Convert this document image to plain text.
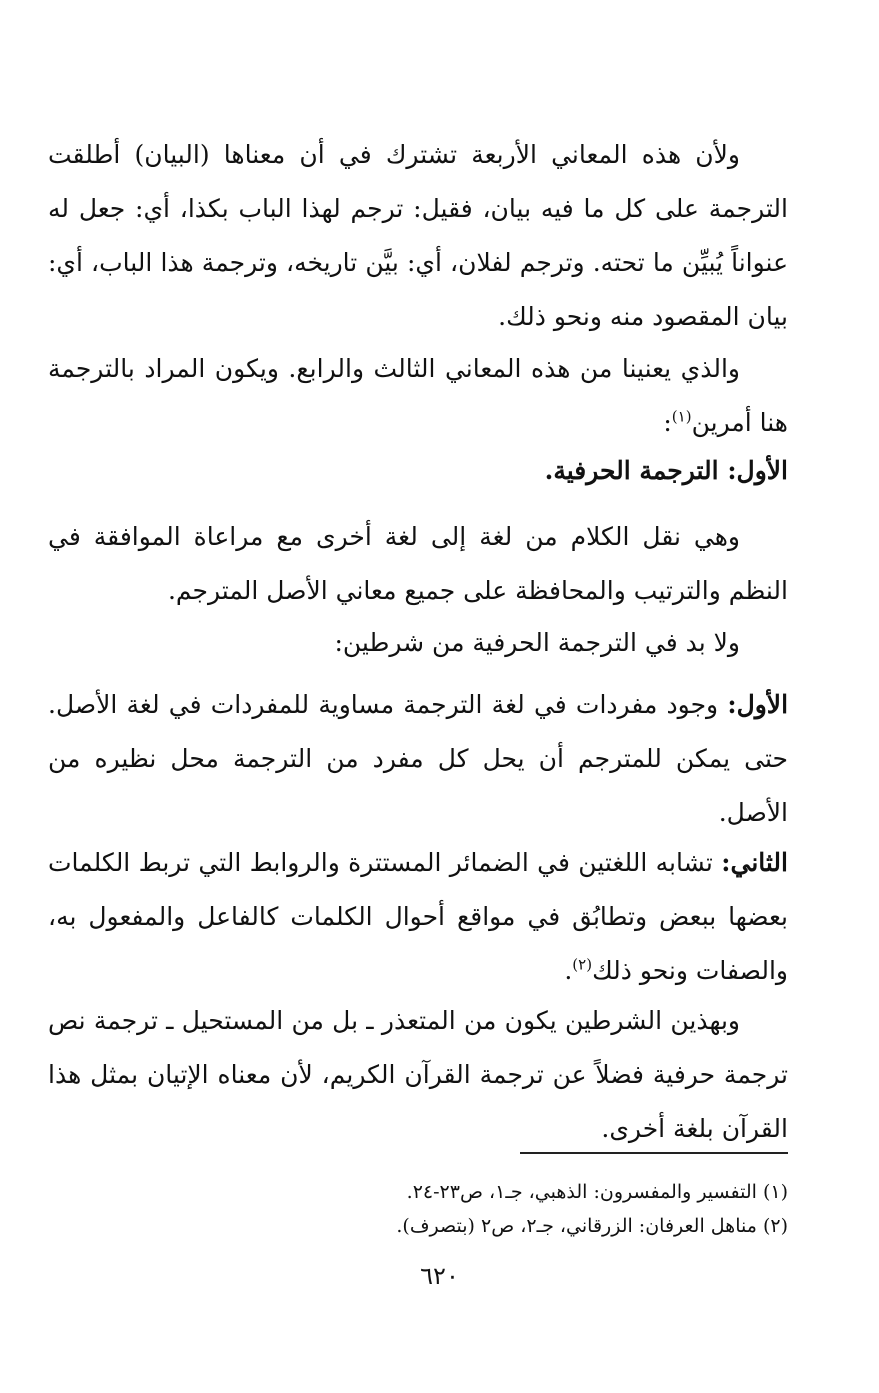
ولأن هذه المعاني الأربعة تشترك في أن معناها (البيان) أطلقت الترجمة على كل ما فيه بيان، فقيل: ترجم لهذا الباب بكذا، أي: جعل له عنواناً يُبيِّن ما تحته. وترجم لفلان، أي: بيَّن تاريخه، وترجمة هذا الباب، أي: بيان المقصود منه ونحو ذلك.

والذي يعنينا من هذه المعاني الثالث والرابع. ويكون المراد بالترجمة هنا أمرين$^{(١)}$:

الأول: الترجمة الحرفية.

وهي نقل الكلام من لغة إلى لغة أخرى مع مراعاة الموافقة في النظم والترتيب والمحافظة على جميع معاني الأصل المترجم.

ولا بد في الترجمة الحرفية من شرطين:

الأول: وجود مفردات في لغة الترجمة مساوية للمفردات في لغة الأصل. حتى يمكن للمترجم أن يحل كل مفرد من الترجمة محل نظيره من الأصل.

الثاني: تشابه اللغتين في الضمائر المستترة والروابط التي تربط الكلمات بعضها ببعض وتطابُق في مواقع أحوال الكلمات كالفاعل والمفعول به، والصفات ونحو ذلك$^{(٢)}$.

وبهذين الشرطين يكون من المتعذر ـ بل من المستحيل ـ ترجمة نص ترجمة حرفية فضلاً عن ترجمة القرآن الكريم، لأن معناه الإتيان بمثل هذا القرآن بلغة أخرى.

(١) التفسير والمفسرون: الذهبي، جـ١، ص٢٣-٢٤.

(٢) مناهل العرفان: الزرقاني، جـ٢، ص٢ (بتصرف).

٦٢٠
